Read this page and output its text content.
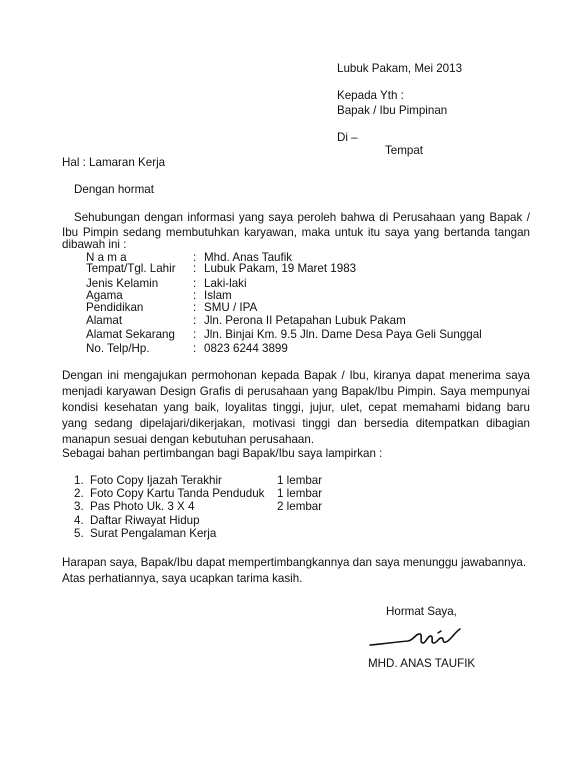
Lubuk Pakam, Mei 2013
Kepada Yth :
Bapak / Ibu Pimpinan
Di –
Tempat
Hal : Lamaran Kerja
Dengan hormat
Sehubungan dengan informasi yang saya peroleh bahwa di Perusahaan yang Bapak /
Ibu Pimpin sedang membutuhkan karyawan, maka untuk itu saya yang bertanda tangan
dibawah ini :
N a m a	: Mhd. Anas Taufik
Tempat/Tgl. Lahir : Lubuk Pakam, 19 Maret 1983
Jenis Kelamin	: Laki-laki
Agama	: Islam
Pendidikan	: SMU / IPA
Alamat	: Jln. Perona II Petapahan Lubuk Pakam
Alamat Sekarang : Jln. Binjai Km. 9.5 Jln. Dame Desa Paya Geli Sunggal
No. Telp/Hp.	: 0823 6244 3899
Dengan ini mengajukan permohonan kepada Bapak / Ibu, kiranya dapat menerima saya
menjadi karyawan Design Grafis di perusahaan yang Bapak/Ibu Pimpin. Saya mempunyai
kondisi kesehatan yang baik, loyalitas tinggi, jujur, ulet, cepat memahami bidang baru
yang sedang dipelajari/dikerjakan, motivasi tinggi dan bersedia ditempatkan dibagian
manapun sesuai dengan kebutuhan perusahaan.
Sebagai bahan pertimbangan bagi Bapak/Ibu saya lampirkan :
1. Foto Copy Ijazah Terakhir	1 lembar
2. Foto Copy Kartu Tanda Penduduk 1 lembar
3. Pas Photo Uk. 3 X 4	2 lembar
4. Daftar Riwayat Hidup
5. Surat Pengalaman Kerja
Harapan saya, Bapak/Ibu dapat mempertimbangkannya dan saya menunggu jawabannya.
Atas perhatiannya, saya ucapkan tarima kasih.
Hormat Saya,
MHD. ANAS TAUFIK
